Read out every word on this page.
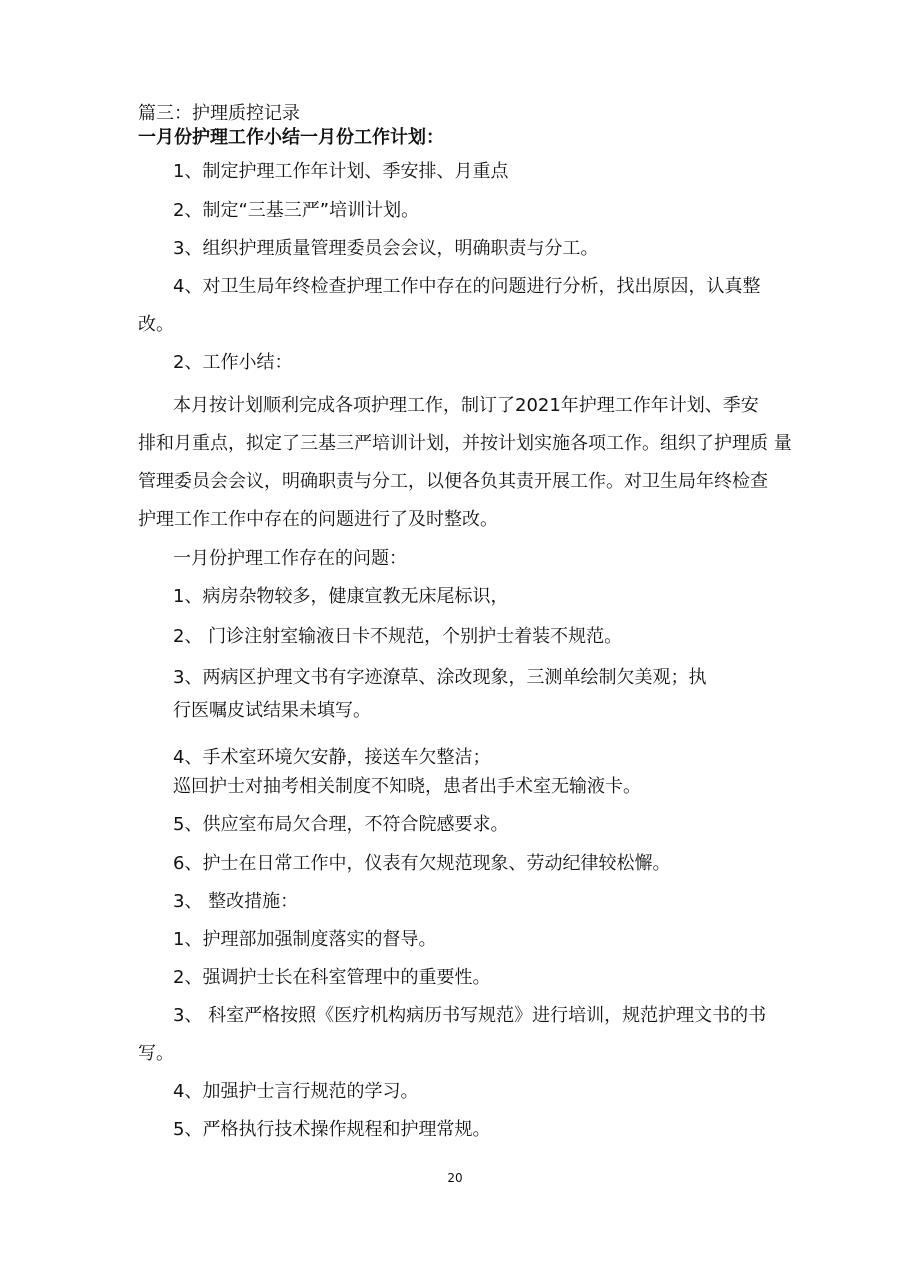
篇三：护理质控记录
一月份护理工作小结一月份工作计划：
1、制定护理工作年计划、季安排、月重点
2、制定“三基三严”培训计划。
3、组织护理质量管理委员会会议，明确职责与分工。
4、对卫生局年终检查护理工作中存在的问题进行分析，找出原因，认真整
改。
2、工作小结：
本月按计划顺利完成各项护理工作，制订了2021年护理工作年计划、季安
排和月重点，拟定了三基三严培训计划，并按计划实施各项工作。组织了护理质 量
管理委员会会议，明确职责与分工，以便各负其责开展工作。对卫生局年终检查
护理工作工作中存在的问题进行了及时整改。
一月份护理工作存在的问题：
1、病房杂物较多，健康宣教无床尾标识，
2、 门诊注射室输液日卡不规范，个别护士着装不规范。
3、两病区护理文书有字迹潦草、涂改现象，三测单绘制欠美观；执
行医嘱皮试结果未填写。
4、手术室环境欠安静，接送车欠整洁；
巡回护士对抽考相关制度不知晓，患者出手术室无输液卡。
5、供应室布局欠合理，不符合院感要求。
6、护士在日常工作中，仪表有欠规范现象、劳动纪律较松懈。
3、 整改措施：
1、护理部加强制度落实的督导。
2、强调护士长在科室管理中的重要性。
3、 科室严格按照《医疗机构病历书写规范》进行培训，规范护理文书的书
写。
4、加强护士言行规范的学习。
5、严格执行技术操作规程和护理常规。
20
